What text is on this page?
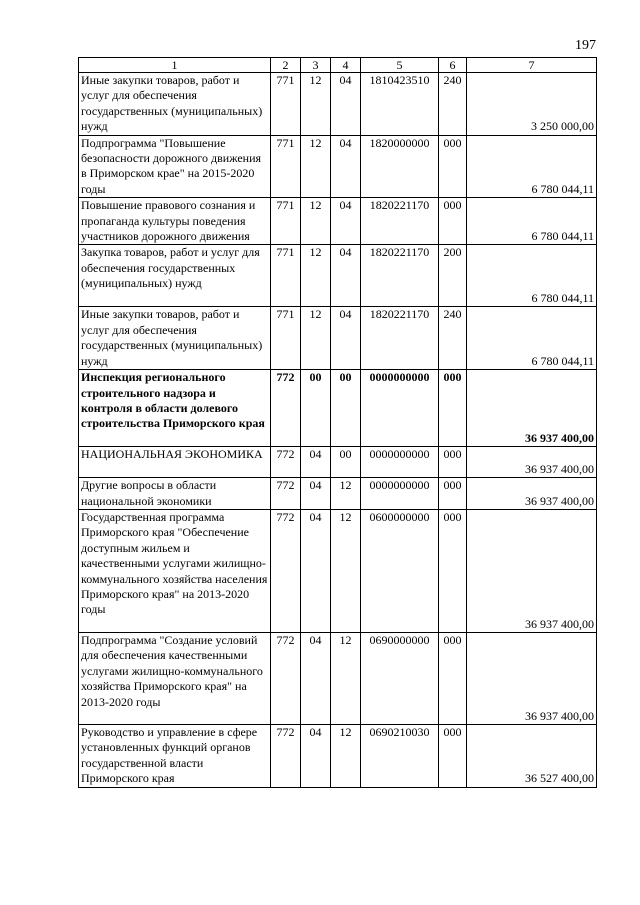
197
1	2	3	4	5	6	7
Иные закупки товаров, работ и услуг для обеспечения государственных (муниципальных) нужд	771	12	04	1810423510	240	3 250 000,00
Подпрограмма "Повышение безопасности дорожного движения в Приморском крае" на 2015-2020 годы	771	12	04	1820000000	000	6 780 044,11
Повышение правового сознания и пропаганда культуры поведения участников дорожного движения	771	12	04	1820221170	000	6 780 044,11
Закупка товаров, работ и услуг для обеспечения государственных (муниципальных) нужд	771	12	04	1820221170	200	6 780 044,11
Иные закупки товаров, работ и услуг для обеспечения государственных (муниципальных) нужд	771	12	04	1820221170	240	6 780 044,11
Инспекция регионального строительного надзора и контроля в области долевого строительства Приморского края	772	00	00	0000000000	000	36 937 400,00
НАЦИОНАЛЬНАЯ ЭКОНОМИКА	772	04	00	0000000000	000	36 937 400,00
Другие вопросы в области национальной экономики	772	04	12	0000000000	000	36 937 400,00
Государственная программа Приморского края "Обеспечение доступным жильем и качественными услугами жилищно-коммунального хозяйства населения Приморского края" на 2013-2020 годы	772	04	12	0600000000	000	36 937 400,00
Подпрограмма "Создание условий для обеспечения качественными услугами жилищно-коммунального хозяйства Приморского края" на 2013-2020 годы	772	04	12	0690000000	000	36 937 400,00
Руководство и управление в сфере установленных функций органов государственной власти Приморского края	772	04	12	0690210030	000	36 527 400,00
